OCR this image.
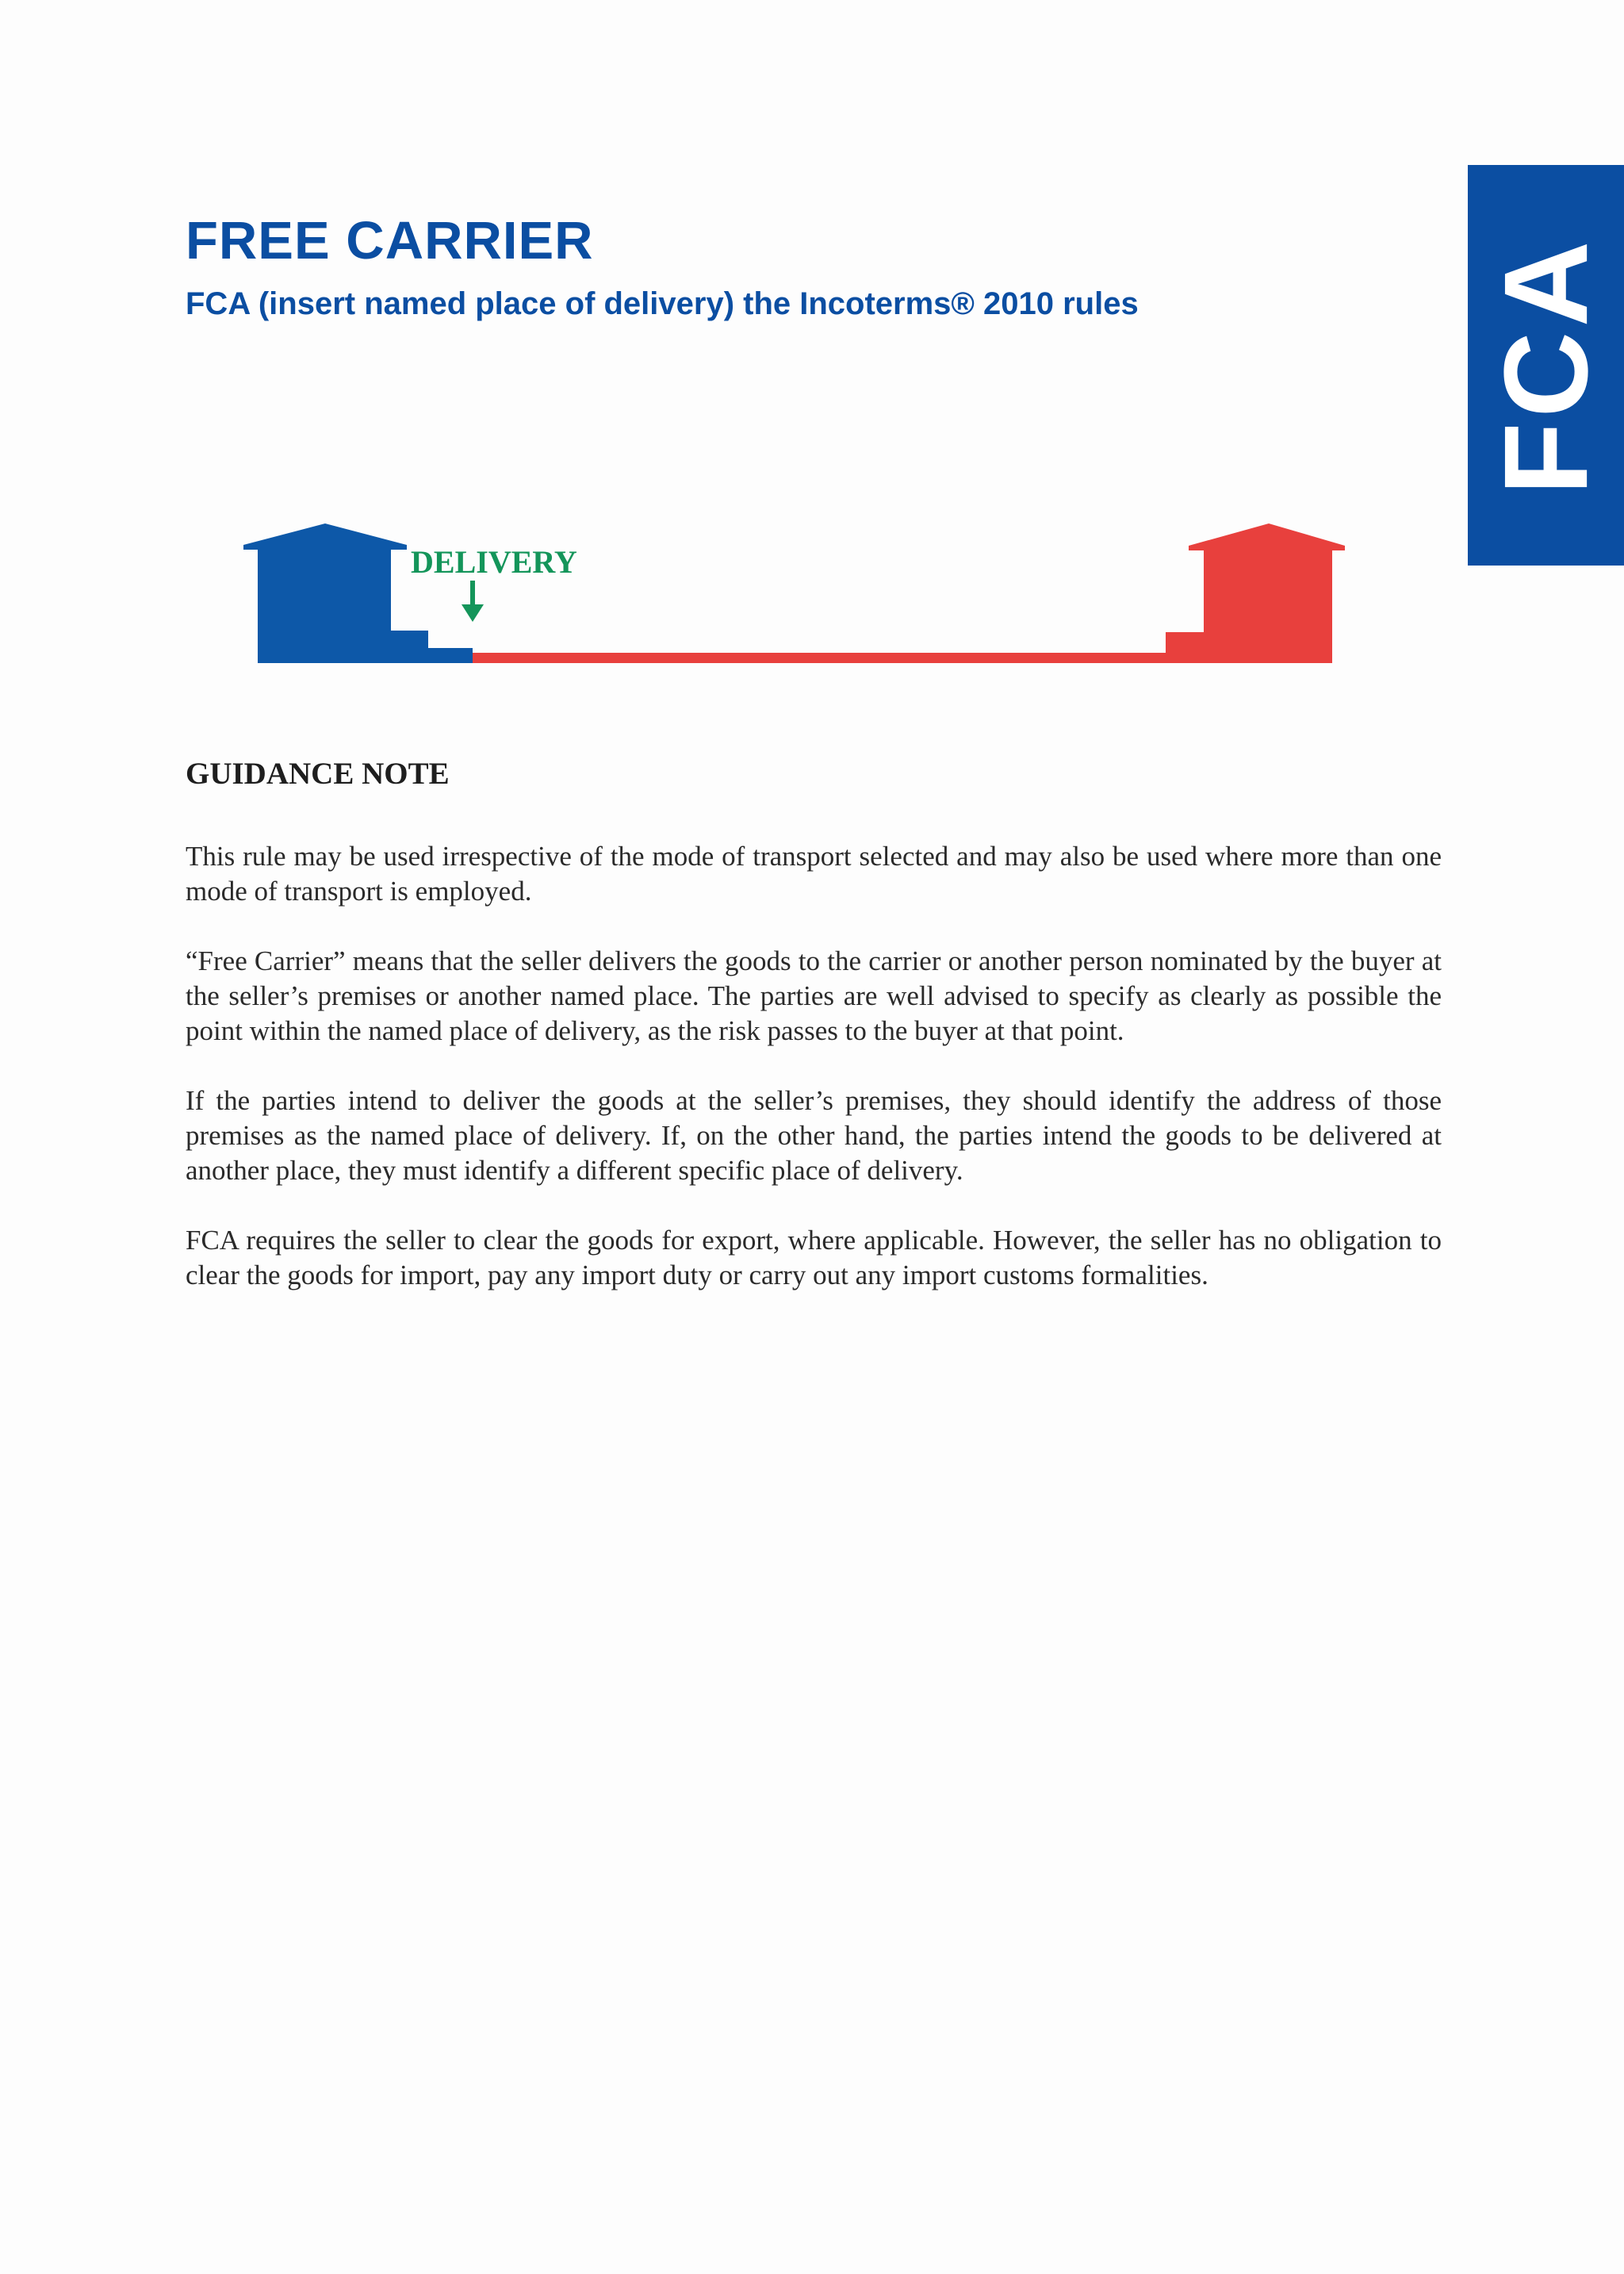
FCA
FREE CARRIER
FCA (insert named place of delivery) the Incoterms® 2010 rules
DELIVERY
GUIDANCE NOTE

This rule may be used irrespective of the mode of transport selected and may also be used where more than one mode of transport is employed.

“Free Carrier” means that the seller delivers the goods to the carrier or another person nominated by the buyer at the seller’s premises or another named place. The parties are well advised to specify as clearly as possible the point within the named place of delivery, as the risk passes to the buyer at that point.

If the parties intend to deliver the goods at the seller’s premises, they should identify the address of those premises as the named place of delivery. If, on the other hand, the parties intend the goods to be delivered at another place, they must identify a different specific place of delivery.

FCA requires the seller to clear the goods for export, where applicable. However, the seller has no obligation to clear the goods for import, pay any import duty or carry out any import customs formalities.
